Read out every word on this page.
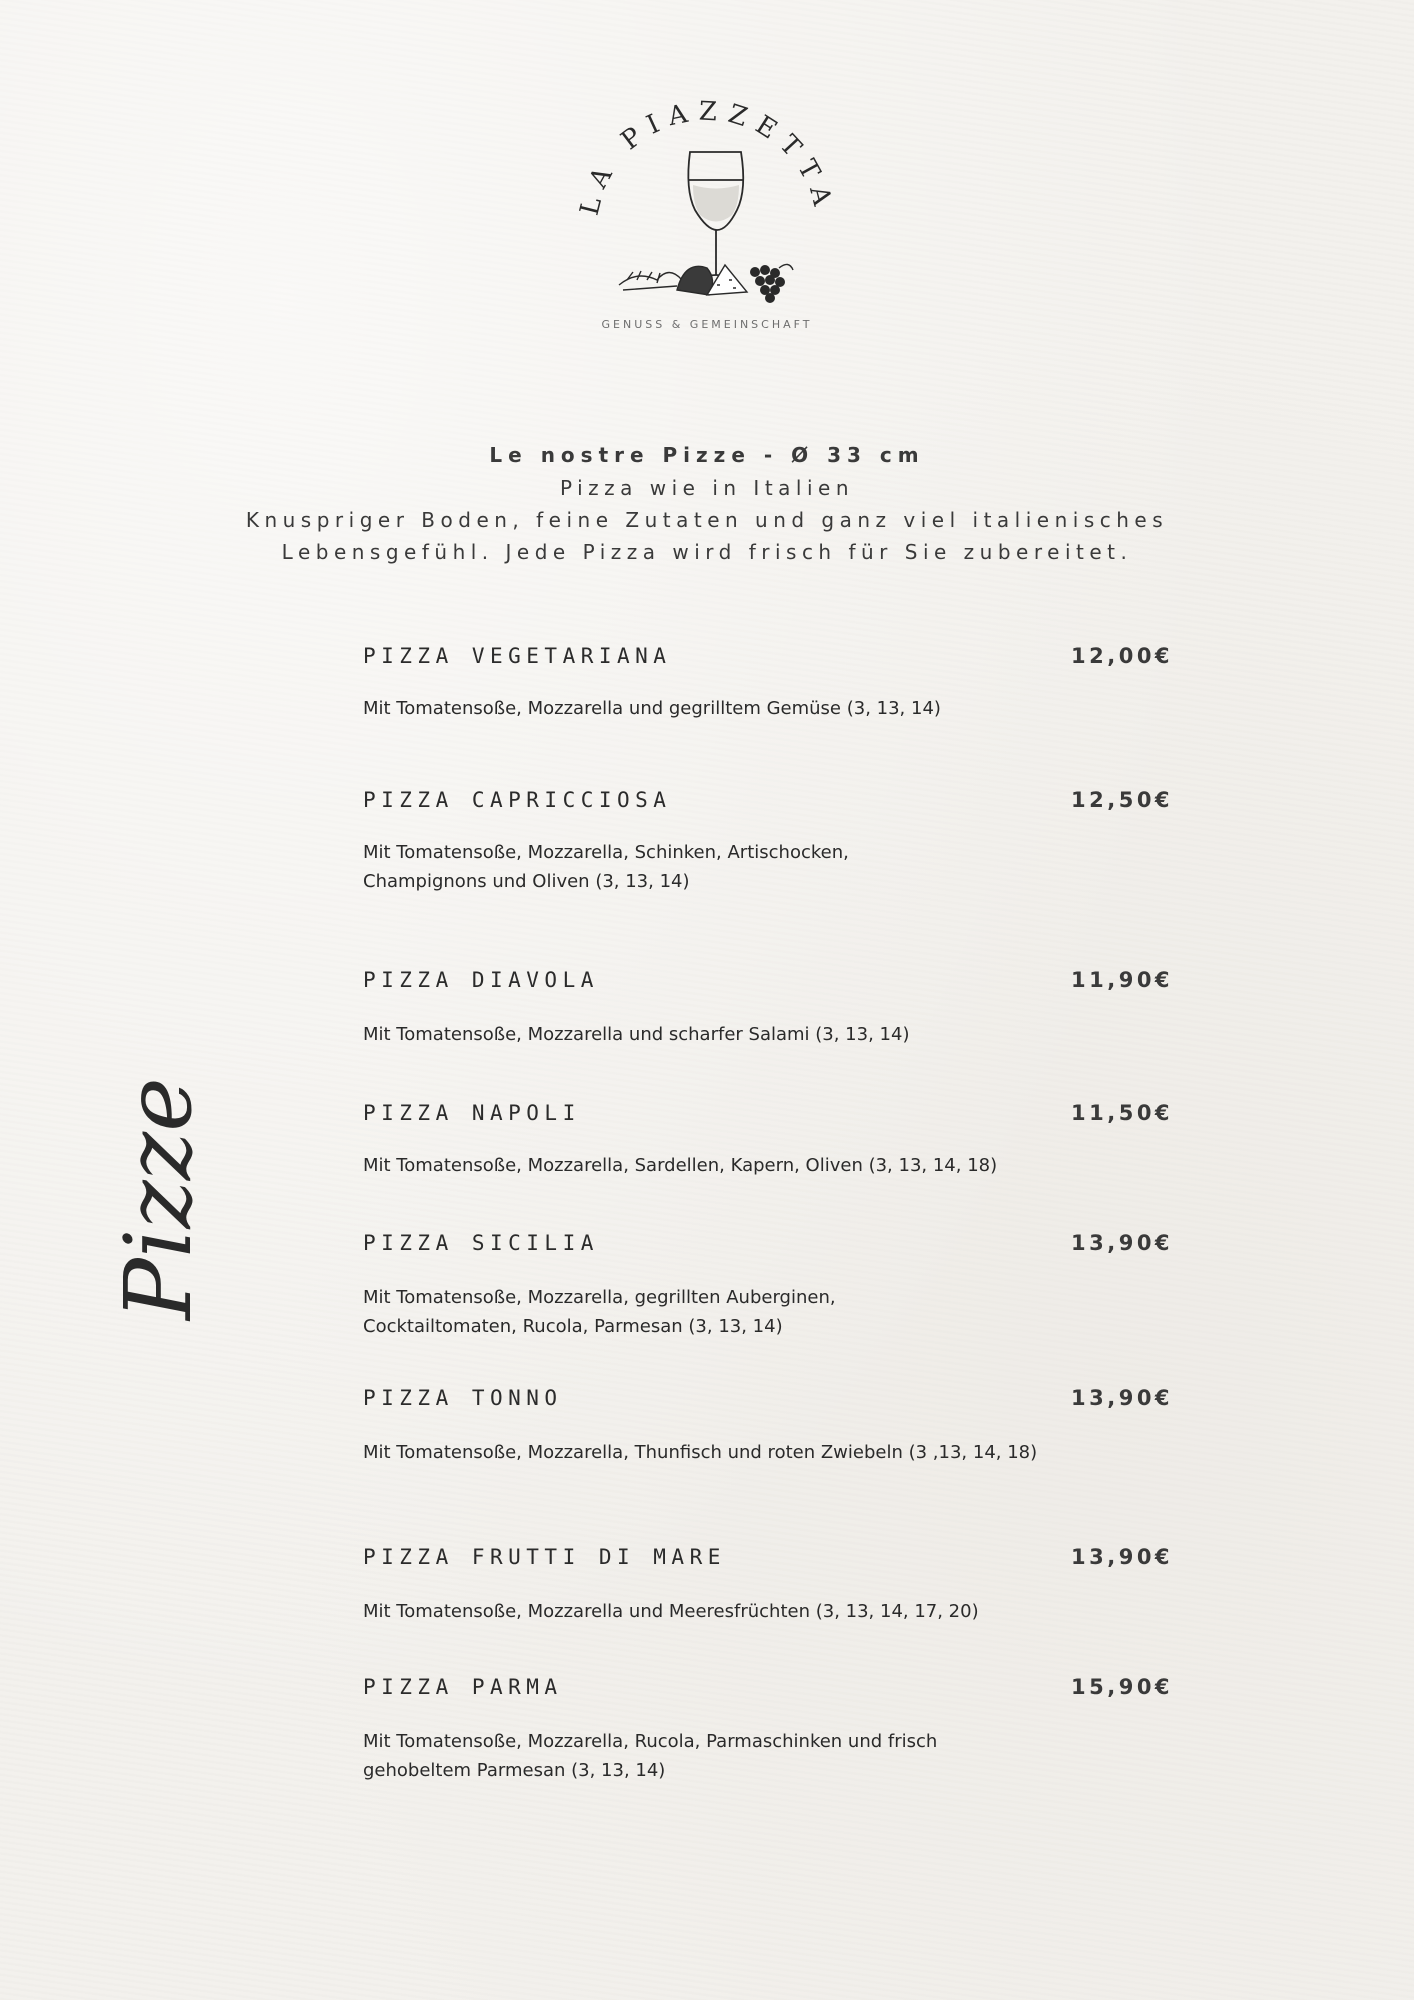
LA PIAZZETTA
GENUSS & GEMEINSCHAFT
Le nostre Pizze - Ø 33 cm
Pizza wie in Italien
Knuspriger Boden, feine Zutaten und ganz viel italienisches
Lebensgefühl. Jede Pizza wird frisch für Sie zubereitet.
Pizze
PIZZA VEGETARIANA	12,00€
Mit Tomatensoße, Mozzarella und gegrilltem Gemüse (3, 13, 14)
PIZZA CAPRICCIOSA	12,50€
Mit Tomatensoße, Mozzarella, Schinken, Artischocken,
Champignons und Oliven (3, 13, 14)
PIZZA DIAVOLA	11,90€
Mit Tomatensoße, Mozzarella und scharfer Salami (3, 13, 14)
PIZZA NAPOLI	11,50€
Mit Tomatensoße, Mozzarella, Sardellen, Kapern, Oliven (3, 13, 14, 18)
PIZZA SICILIA	13,90€
Mit Tomatensoße, Mozzarella, gegrillten Auberginen,
Cocktailtomaten, Rucola, Parmesan (3, 13, 14)
PIZZA TONNO	13,90€
Mit Tomatensoße, Mozzarella, Thunfisch und roten Zwiebeln (3 ,13, 14, 18)
PIZZA FRUTTI DI MARE	13,90€
Mit Tomatensoße, Mozzarella und Meeresfrüchten (3, 13, 14, 17, 20)
PIZZA PARMA	15,90€
Mit Tomatensoße, Mozzarella, Rucola, Parmaschinken und frisch
gehobeltem Parmesan (3, 13, 14)
